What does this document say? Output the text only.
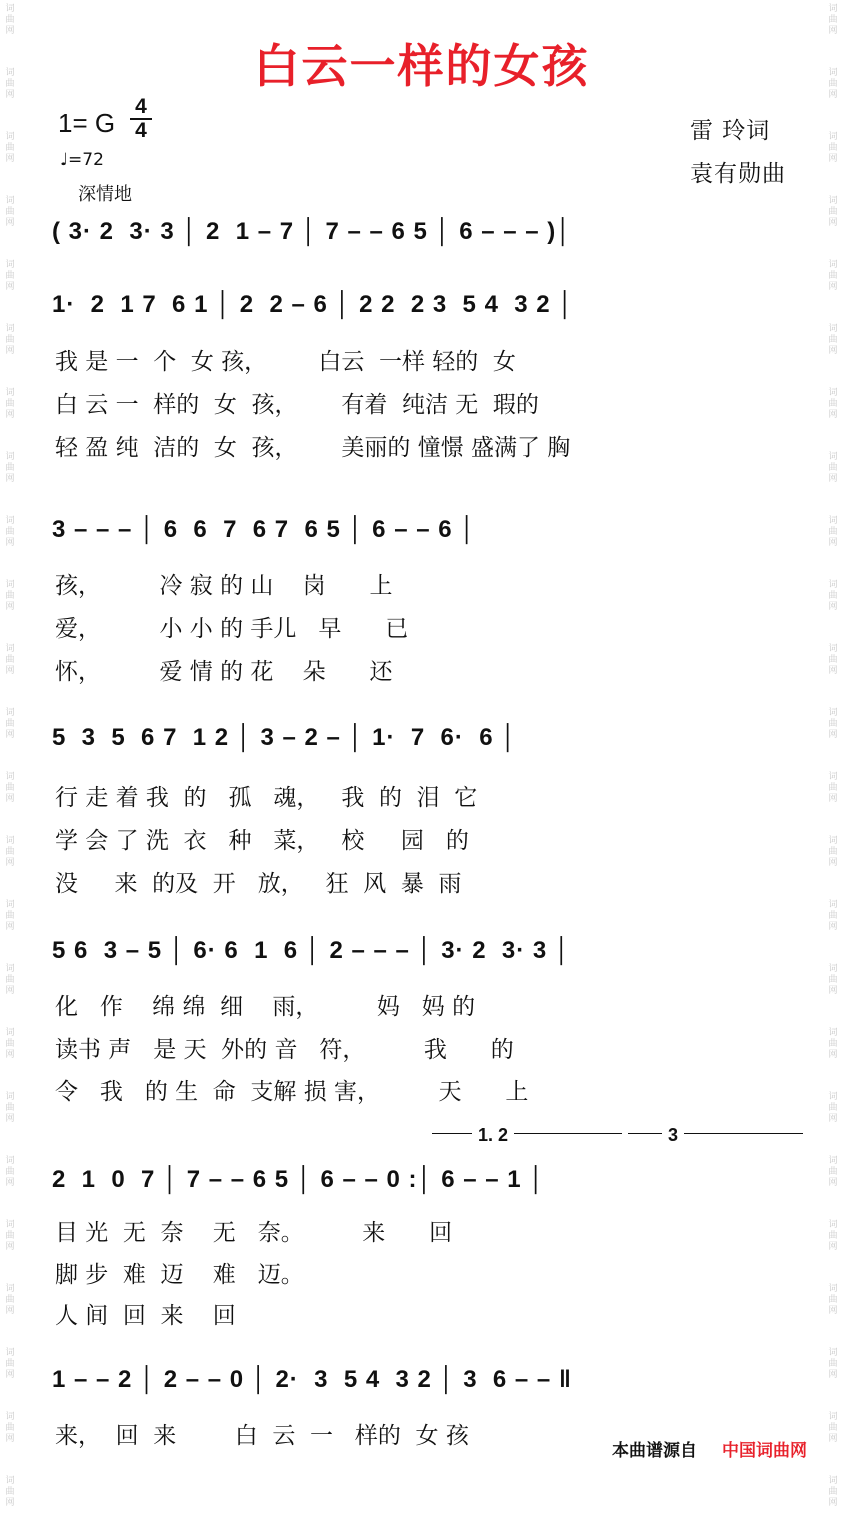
词
曲
网
词
曲
网
词
曲
网
词
曲
网
词
曲
网
词
曲
网
词
曲
网
词
曲
网
词
曲
网
词
曲
网
词
曲
网
词
曲
网
词
曲
网
词
曲
网
词
曲
网
词
曲
网
词
曲
网
词
曲
网
词
曲
网
词
曲
网
词
曲
网
词
曲
网
词
曲
网
词
曲
网
词
曲
网
词
曲
网
词
曲
网
词
曲
网
词
曲
网
词
曲
网
词
曲
网
词
曲
网
词
曲
网
词
曲
网
词
曲
网
词
曲
网
词
曲
网
词
曲
网
词
曲
网
词
曲
网
词
曲
网
词
曲
网
词
曲
网
词
曲
网
词
曲
网
词
曲
网
词
曲
网
词
曲
网
白云一样的女孩
1= G
4
4
♩=72
深情地
雷 玲词
袁有勋曲
( 3· 2  3· 3 │ 2  1 – 7 │ 7 – – 6 5 │ 6 – – – )│
1·  2  1 7  6 1 │ 2  2 – 6 │ 2 2  2 3  5 4  3 2 │
我 是 一  个  女 孩，       白云  一样 轻的  女
白 云 一  样的  女  孩，      有着  纯洁 无  瑕的
轻 盈 纯  洁的  女  孩，      美丽的 憧憬 盛满了 胸
3 – – – │ 6  6  7  6 7  6 5 │ 6 – – 6 │
孩，        冷 寂 的 山    岗      上
爱，        小 小 的 手儿   早      已
怀，        爱 情 的 花    朵      还
5  3  5  6 7  1 2 │ 3 – 2 – │ 1·  7  6·  6 │
行 走 着 我  的   孤   魂，   我  的  泪  它
学 会 了 洗  衣   种   菜，   校     园   的
没     来  的及  开   放，   狂  风  暴  雨
5 6  3 – 5 │ 6· 6  1  6 │ 2 – – – │ 3· 2  3· 3 │
化   作    绵 绵  细    雨，        妈   妈 的
读书 声   是 天  外的 音   符，        我      的
令   我   的 生  命  支解 损 害，        天      上
1. 2	3
2  1  0  7 │ 7 – – 6 5 │ 6 – – 0 :│ 6 – – 1 │
目 光  无  奈    无   奈。        来      回
脚 步  难  迈    难   迈。
人 间  回  来    回
1 – – 2 │ 2 – – 0 │ 2·  3  5 4  3 2 │ 3  6 – – ‖
来，  回  来        白  云  一   样的  女 孩
本曲谱源自 中国词曲网
